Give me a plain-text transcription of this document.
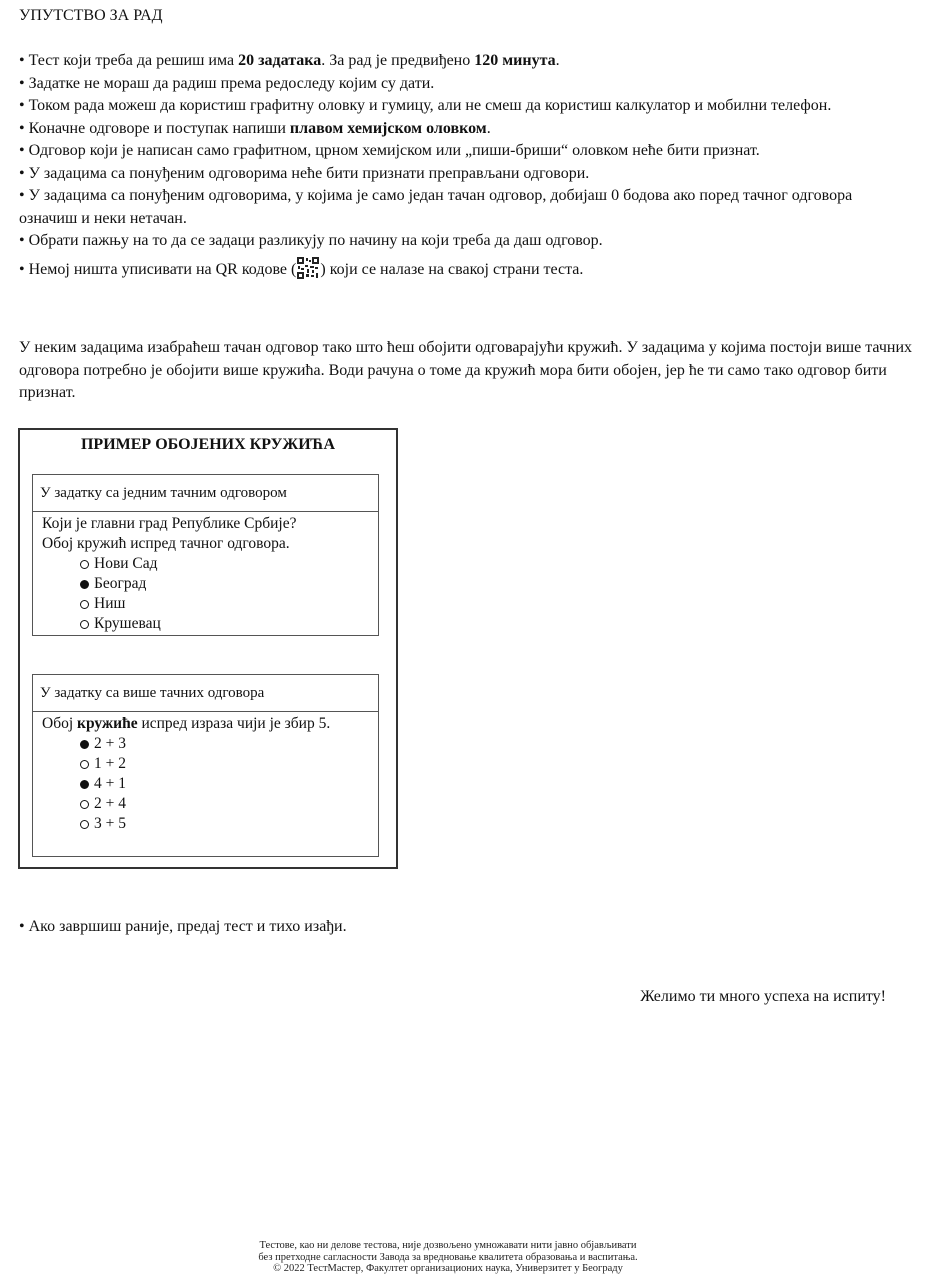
УПУТСТВО ЗА РАД

• Тест који треба да решиш има 20 задатака. За рад је предвиђено 120 минута.

• Задатке не мораш да радиш према редоследу којим су дати.

• Током рада можеш да користиш графитну оловку и гумицу, али не смеш да користиш калкулатор и мобилни телефон.

• Коначне одговоре и поступак напиши плавом хемијском оловком.

• Одговор који је написан само графитном, црном хемијском или „пиши-бриши“ оловком неће бити признат.

• У задацима са понуђеним одговорима неће бити признати преправљани одговори.

• У задацима са понуђеним одговорима, у којима је само један тачан одговор, добијаш 0 бодова ако поред тачног одговора означиш и неки нетачан.

• Обрати пажњу на то да се задаци разликују по начину на који треба да даш одговор.

• Немој ништа уписивати на QR кодове ( ) који се налазе на свакој страни теста.

У неким задацима изабраћеш тачан одговор тако што ћеш обојити одговарајући кружић. У задацима у којима постоји више тачних одговора потребно је обојити више кружића. Води рачуна о томе да кружић мора бити обојен, јер ће ти само тако одговор бити признат.
ПРИМЕР ОБОЈЕНИХ КРУЖИЋА
У задатку са једним тачним одговором
Који је главни град Републике Србије?
Обој кружић испред тачног одговора.
Нови Сад
Београд
Ниш
Крушевац
У задатку са више тачних одговора
Обој кружиће испред израза чији је збир 5.
2 + 3
1 + 2
4 + 1
2 + 4
3 + 5
• Ако завршиш раније, предај тест и тихо изађи.
Желимо ти много успеха на испиту!
Тестове, као ни делове тестова, није дозвољено умножавати нити јавно објављивати
без претходне сагласности Завода за вредновање квалитета образовања и васпитања.
© 2022 ТестМастер, Факултет организационих наука, Универзитет у Београду
